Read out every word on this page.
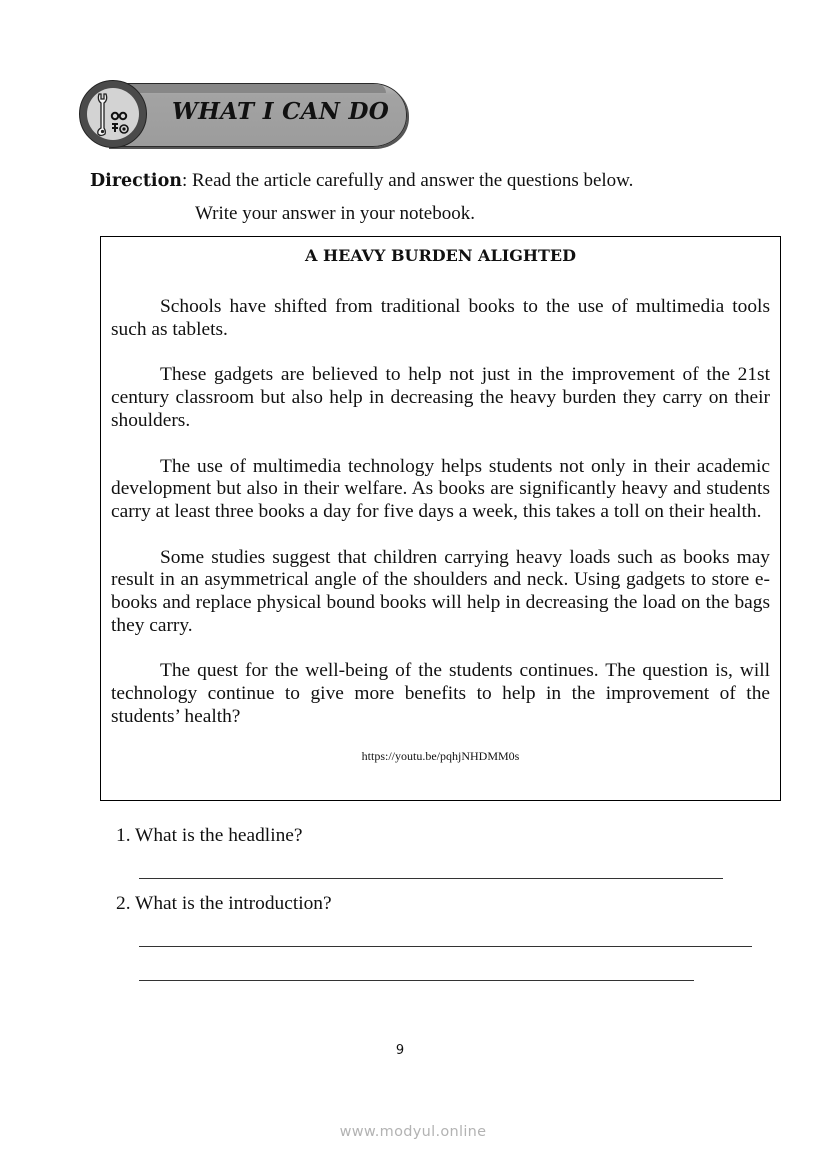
WHAT I CAN DO
Direction: Read the article carefully and answer the questions below.
Write your answer in your notebook.
A HEAVY BURDEN ALIGHTED

Schools have shifted from traditional books to the use of multimedia tools such as tablets.

These gadgets are believed to help not just in the improvement of the 21st century classroom but also help in decreasing the heavy burden they carry on their shoulders.

The use of multimedia technology helps students not only in their academic development but also in their welfare. As books are significantly heavy and students carry at least three books a day for five days a week, this takes a toll on their health.

Some studies suggest that children carrying heavy loads such as books may result in an asymmetrical angle of the shoulders and neck. Using gadgets to store e-books and replace physical bound books will help in decreasing the load on the bags they carry.

The quest for the well-being of the students continues. The question is, will technology continue to give more benefits to help in the improvement of the students’ health?

https://youtu.be/pqhjNHDMM0s
1. What is the headline?
2. What is the introduction?
9
www.modyul.online
